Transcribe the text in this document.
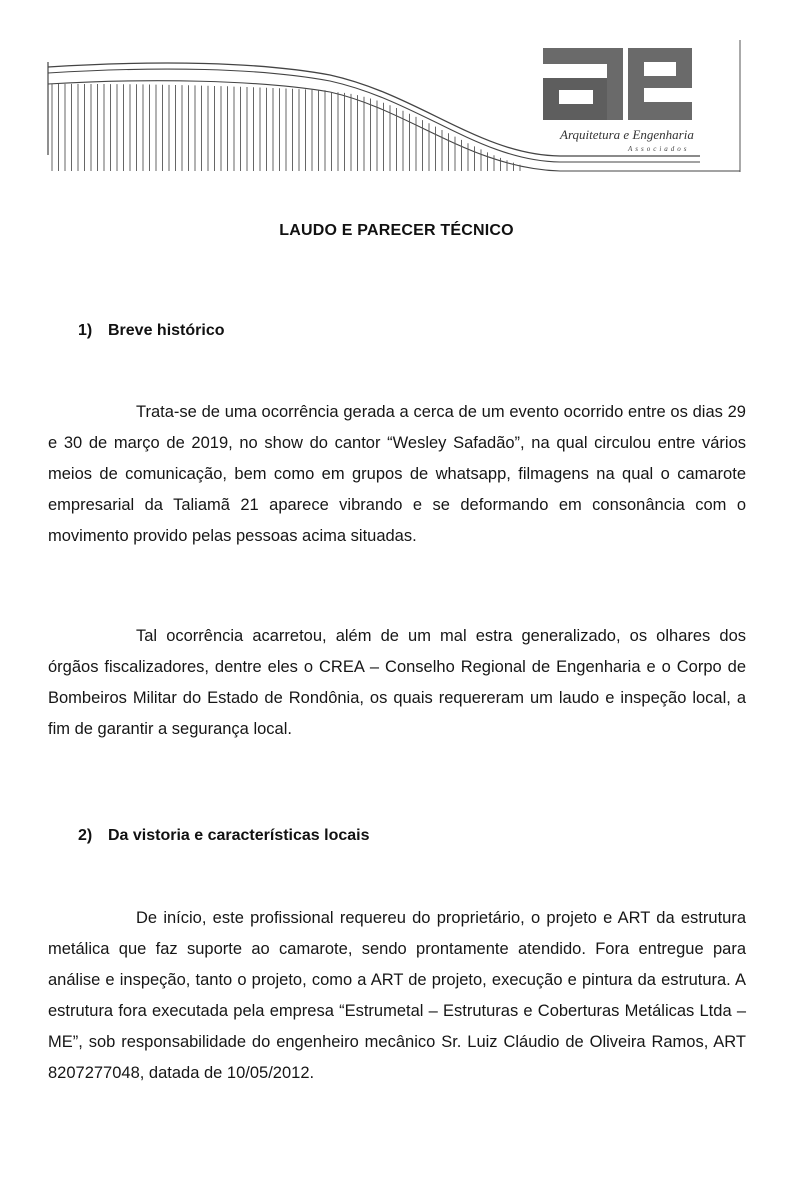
Arquitetura e Engenharia
Associados
LAUDO E PARECER TÉCNICO
1) Breve histórico

Trata-se de uma ocorrência gerada a cerca de um evento ocorrido entre os dias 29 e 30 de março de 2019, no show do cantor “Wesley Safadão”, na qual circulou entre vários meios de comunicação, bem como em grupos de whatsapp, filmagens na qual o camarote empresarial da Taliamã 21 aparece vibrando e se deformando em consonância com o movimento provido pelas pessoas acima situadas.

Tal ocorrência acarretou, além de um mal estra generalizado, os olhares dos órgãos fiscalizadores, dentre eles o CREA – Conselho Regional de Engenharia e o Corpo de Bombeiros Militar do Estado de Rondônia, os quais requereram um laudo e inspeção local, a fim de garantir a segurança local.

2) Da vistoria e características locais

De início, este profissional requereu do proprietário, o projeto e ART da estrutura metálica que faz suporte ao camarote, sendo prontamente atendido. Fora entregue para análise e inspeção, tanto o projeto, como a ART de projeto, execução e pintura da estrutura. A estrutura fora executada pela empresa “Estrumetal – Estruturas e Coberturas Metálicas Ltda – ME”, sob responsabilidade do engenheiro mecânico Sr. Luiz Cláudio de Oliveira Ramos, ART 8207277048, datada de 10/05/2012.
